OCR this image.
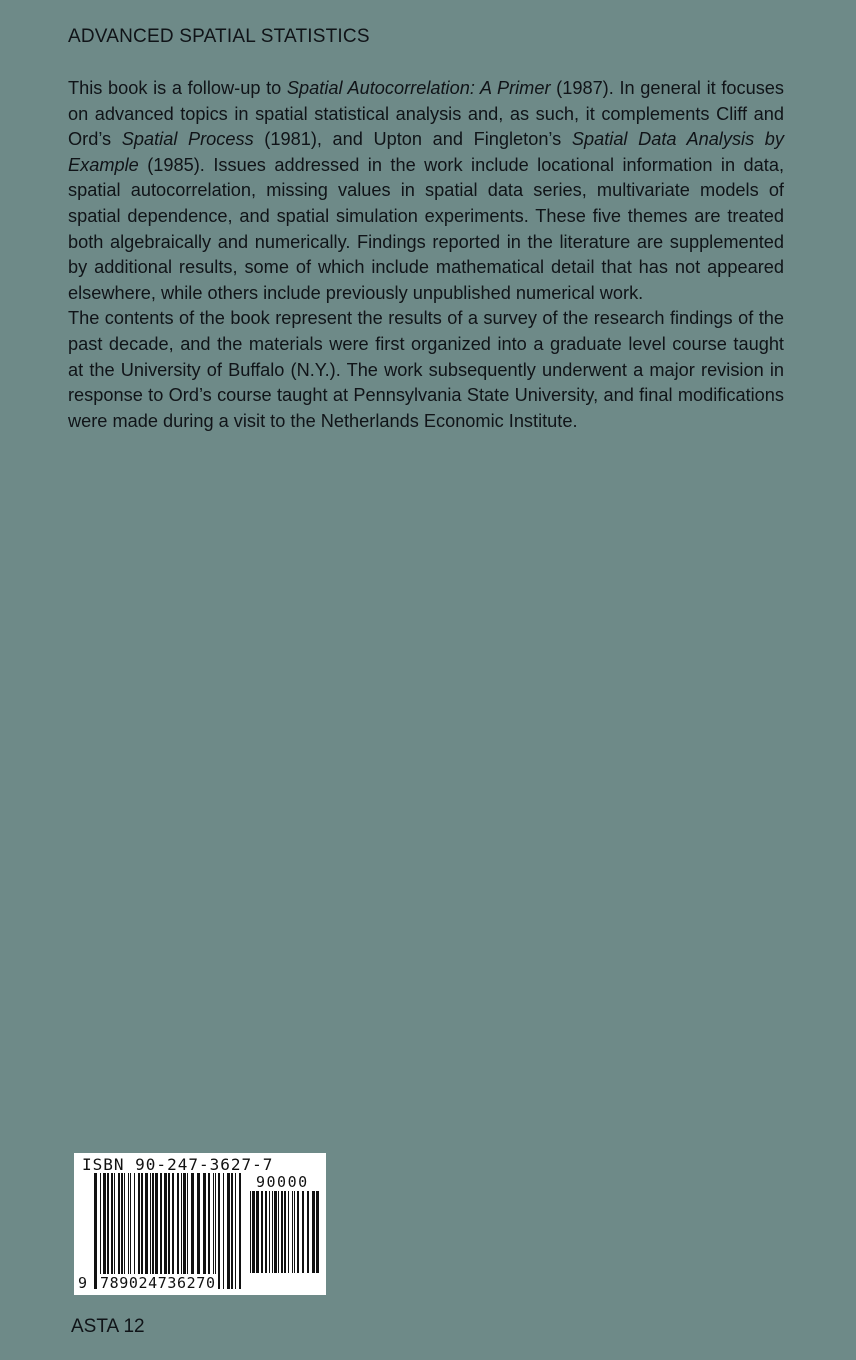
ADVANCED SPATIAL STATISTICS

This book is a follow-up to Spatial Autocorrelation: A Primer (1987). In general it focuses on advanced topics in spatial statistical analysis and, as such, it complements Cliff and Ord’s Spatial Process (1981), and Upton and Fingleton’s Spatial Data Analysis by Example (1985). Issues addressed in the work include locational information in data, spatial autocorrelation, missing values in spatial data series, multivariate models of spatial dependence, and spatial simulation experiments. These five themes are treated both algebraically and numerically. Findings reported in the literature are supplemented by additional results, some of which include mathematical detail that has not appeared elsewhere, while others include previously unpublished numerical work.

The contents of the book represent the results of a survey of the research findings of the past decade, and the materials were first organized into a graduate level course taught at the University of Buffalo (N.Y.). The work subsequently underwent a major revision in response to Ord’s course taught at Pennsylvania State University, and final modifications were made during a visit to the Netherlands Economic Institute.

ISBN 90-247-3627-7
90000
9 789024736270

ASTA 12
